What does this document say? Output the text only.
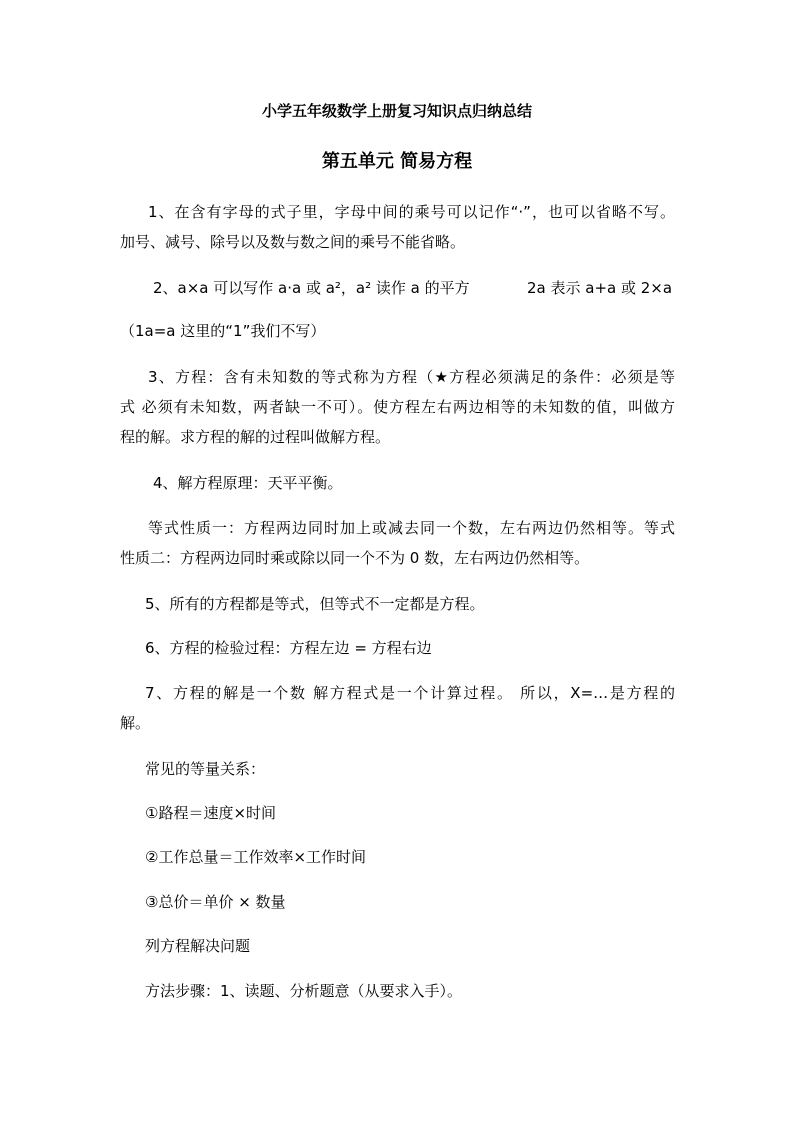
小学五年级数学上册复习知识点归纳总结
第五单元 简易方程
1、在含有字母的式子里，字母中间的乘号可以记作“·”，也可以省略不写。
加号、减号、除号以及数与数之间的乘号不能省略。
2、a×a 可以写作 a·a 或 a²，a² 读作 a 的平方	2a 表示 a+a 或 2×a
（1a=a 这里的“1”我们不写）
3、方程：含有未知数的等式称为方程（★方程必须满足的条件：必须是等
式 必须有未知数，两者缺一不可）。使方程左右两边相等的未知数的值，叫做方
程的解。求方程的解的过程叫做解方程。
4、解方程原理：天平平衡。
等式性质一：方程两边同时加上或减去同一个数，左右两边仍然相等。等式
性质二：方程两边同时乘或除以同一个不为 0 数，左右两边仍然相等。
5、所有的方程都是等式，但等式不一定都是方程。
6、方程的检验过程：方程左边 = 方程右边
7、方程的解是一个数 解方程式是一个计算过程。 所以，X=…是方程的
解。
常见的等量关系：
①路程＝速度×时间
②工作总量＝工作效率×工作时间
③总价＝单价 × 数量
列方程解决问题
方法步骤：1、读题、分析题意（从要求入手）。
